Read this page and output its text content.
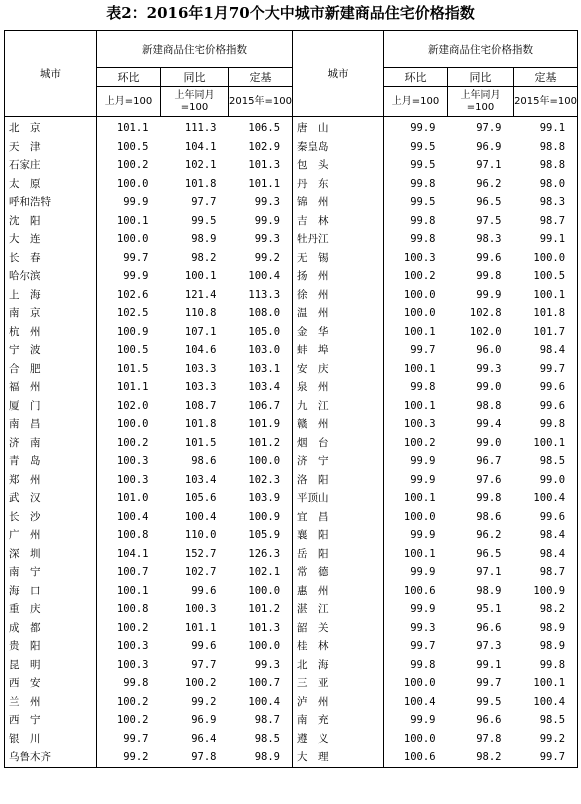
表2：2016年1月70个大中城市新建商品住宅价格指数
城市	新建商品住宅价格指数			城市	新建商品住宅价格指数		
	环比	同比	定基		环比	同比	定基
	上月=100	上年同月=100	2015年=100		上月=100	上年同月=100	2015年=100
北　京	101.1	111.3	106.5	唐　山	99.9	97.9	99.1
天　津	100.5	104.1	102.9	秦皇岛	99.5	96.9	98.8
石家庄	100.2	102.1	101.3	包　头	99.5	97.1	98.8
太　原	100.0	101.8	101.1	丹　东	99.8	96.2	98.0
呼和浩特	99.9	97.7	99.3	锦　州	99.5	96.5	98.3
沈　阳	100.1	99.5	99.9	吉　林	99.8	97.5	98.7
大　连	100.0	98.9	99.3	牡丹江	99.8	98.3	99.1
长　春	99.7	98.2	99.2	无　锡	100.3	99.6	100.0
哈尔滨	99.9	100.1	100.4	扬　州	100.2	99.8	100.5
上　海	102.6	121.4	113.3	徐　州	100.0	99.9	100.1
南　京	102.5	110.8	108.0	温　州	100.0	102.8	101.8
杭　州	100.9	107.1	105.0	金　华	100.1	102.0	101.7
宁　波	100.5	104.6	103.0	蚌　埠	99.7	96.0	98.4
合　肥	101.5	103.3	103.1	安　庆	100.1	99.3	99.7
福　州	101.1	103.3	103.4	泉　州	99.8	99.0	99.6
厦　门	102.0	108.7	106.7	九　江	100.1	98.8	99.6
南　昌	100.0	101.8	101.9	赣　州	100.3	99.4	99.8
济　南	100.2	101.5	101.2	烟　台	100.2	99.0	100.1
青　岛	100.3	98.6	100.0	济　宁	99.9	96.7	98.5
郑　州	100.3	103.4	102.3	洛　阳	99.9	97.6	99.0
武　汉	101.0	105.6	103.9	平顶山	100.1	99.8	100.4
长　沙	100.4	100.4	100.9	宜　昌	100.0	98.6	99.6
广　州	100.8	110.0	105.9	襄　阳	99.9	96.2	98.4
深　圳	104.1	152.7	126.3	岳　阳	100.1	96.5	98.4
南　宁	100.7	102.7	102.1	常　德	99.9	97.1	98.7
海　口	100.1	99.6	100.0	惠　州	100.6	98.9	100.9
重　庆	100.8	100.3	101.2	湛　江	99.9	95.1	98.2
成　都	100.2	101.1	101.3	韶　关	99.3	96.6	98.9
贵　阳	100.3	99.6	100.0	桂　林	99.7	97.3	98.9
昆　明	100.3	97.7	99.3	北　海	99.8	99.1	99.8
西　安	99.8	100.2	100.7	三　亚	100.0	99.7	100.1
兰　州	100.2	99.2	100.4	泸　州	100.4	99.5	100.4
西　宁	100.2	96.9	98.7	南　充	99.9	96.6	98.5
银　川	99.7	96.4	98.5	遵　义	100.0	97.8	99.2
乌鲁木齐	99.2	97.8	98.9	大　理	100.6	98.2	99.7
